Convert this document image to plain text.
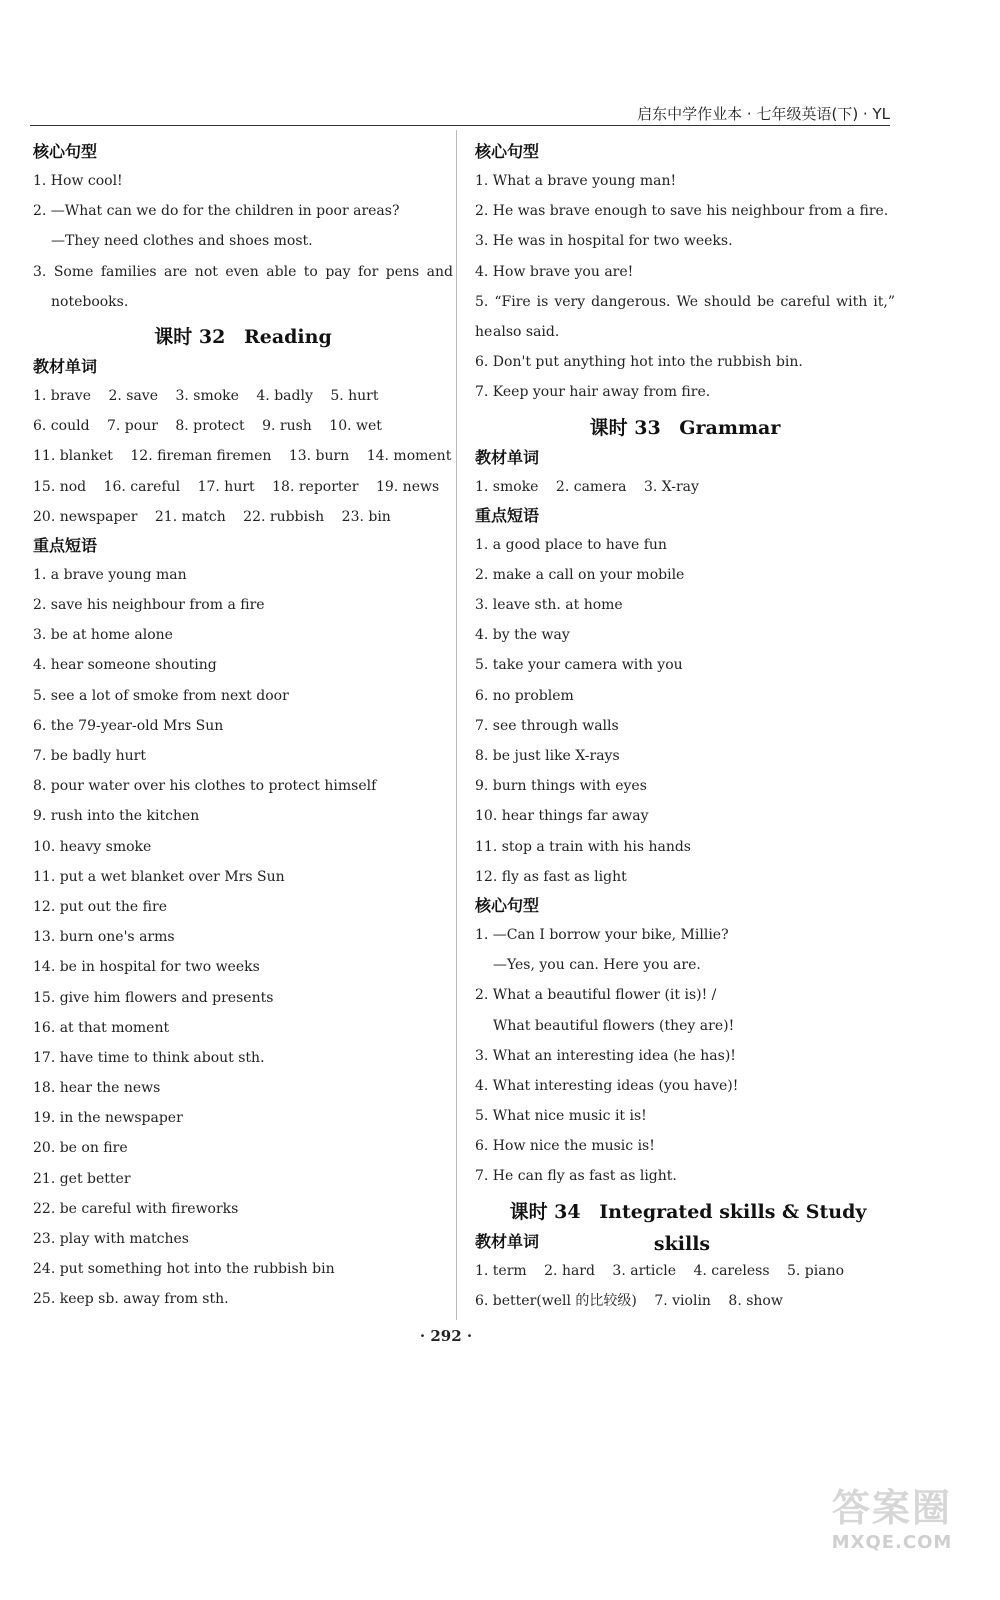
启东中学作业本 · 七年级英语(下) · YL
核心句型
1. How cool!
2. —What can we do for the children in poor areas?
—They need clothes and shoes most.
3. Some families are not even able to pay for pens and
notebooks.
课时 32 Reading
教材单词
1. brave 2. save 3. smoke 4. badly 5. hurt
6. could 7. pour 8. protect 9. rush 10. wet
11. blanket 12. fireman firemen 13. burn 14. moment
15. nod 16. careful 17. hurt 18. reporter 19. news
20. newspaper 21. match 22. rubbish 23. bin
重点短语
1. a brave young man
2. save his neighbour from a fire
3. be at home alone
4. hear someone shouting
5. see a lot of smoke from next door
6. the 79-year-old Mrs Sun
7. be badly hurt
8. pour water over his clothes to protect himself
9. rush into the kitchen
10. heavy smoke
11. put a wet blanket over Mrs Sun
12. put out the fire
13. burn one's arms
14. be in hospital for two weeks
15. give him flowers and presents
16. at that moment
17. have time to think about sth.
18. hear the news
19. in the newspaper
20. be on fire
21. get better
22. be careful with fireworks
23. play with matches
24. put something hot into the rubbish bin
25. keep sb. away from sth.
核心句型
1. What a brave young man!
2. He was brave enough to save his neighbour from a fire.
3. He was in hospital for two weeks.
4. How brave you are!
5. “Fire is very dangerous. We should be careful with it,” he also said.
6. Don't put anything hot into the rubbish bin.
7. Keep your hair away from fire.
课时 33 Grammar
教材单词
1. smoke 2. camera 3. X-ray
重点短语
1. a good place to have fun
2. make a call on your mobile
3. leave sth. at home
4. by the way
5. take your camera with you
6. no problem
7. see through walls
8. be just like X-rays
9. burn things with eyes
10. hear things far away
11. stop a train with his hands
12. fly as fast as light
核心句型
1. —Can I borrow your bike, Millie?
—Yes, you can. Here you are.
2. What a beautiful flower (it is)! /
What beautiful flowers (they are)!
3. What an interesting idea (he has)!
4. What interesting ideas (you have)!
5. What nice music it is!
6. How nice the music is!
7. He can fly as fast as light.
课时 34 Integrated skills & Study skills
教材单词
1. term 2. hard 3. article 4. careless 5. piano
6. better(well 的比较级) 7. violin 8. show
· 292 ·
答案圈
MXQE.COM
